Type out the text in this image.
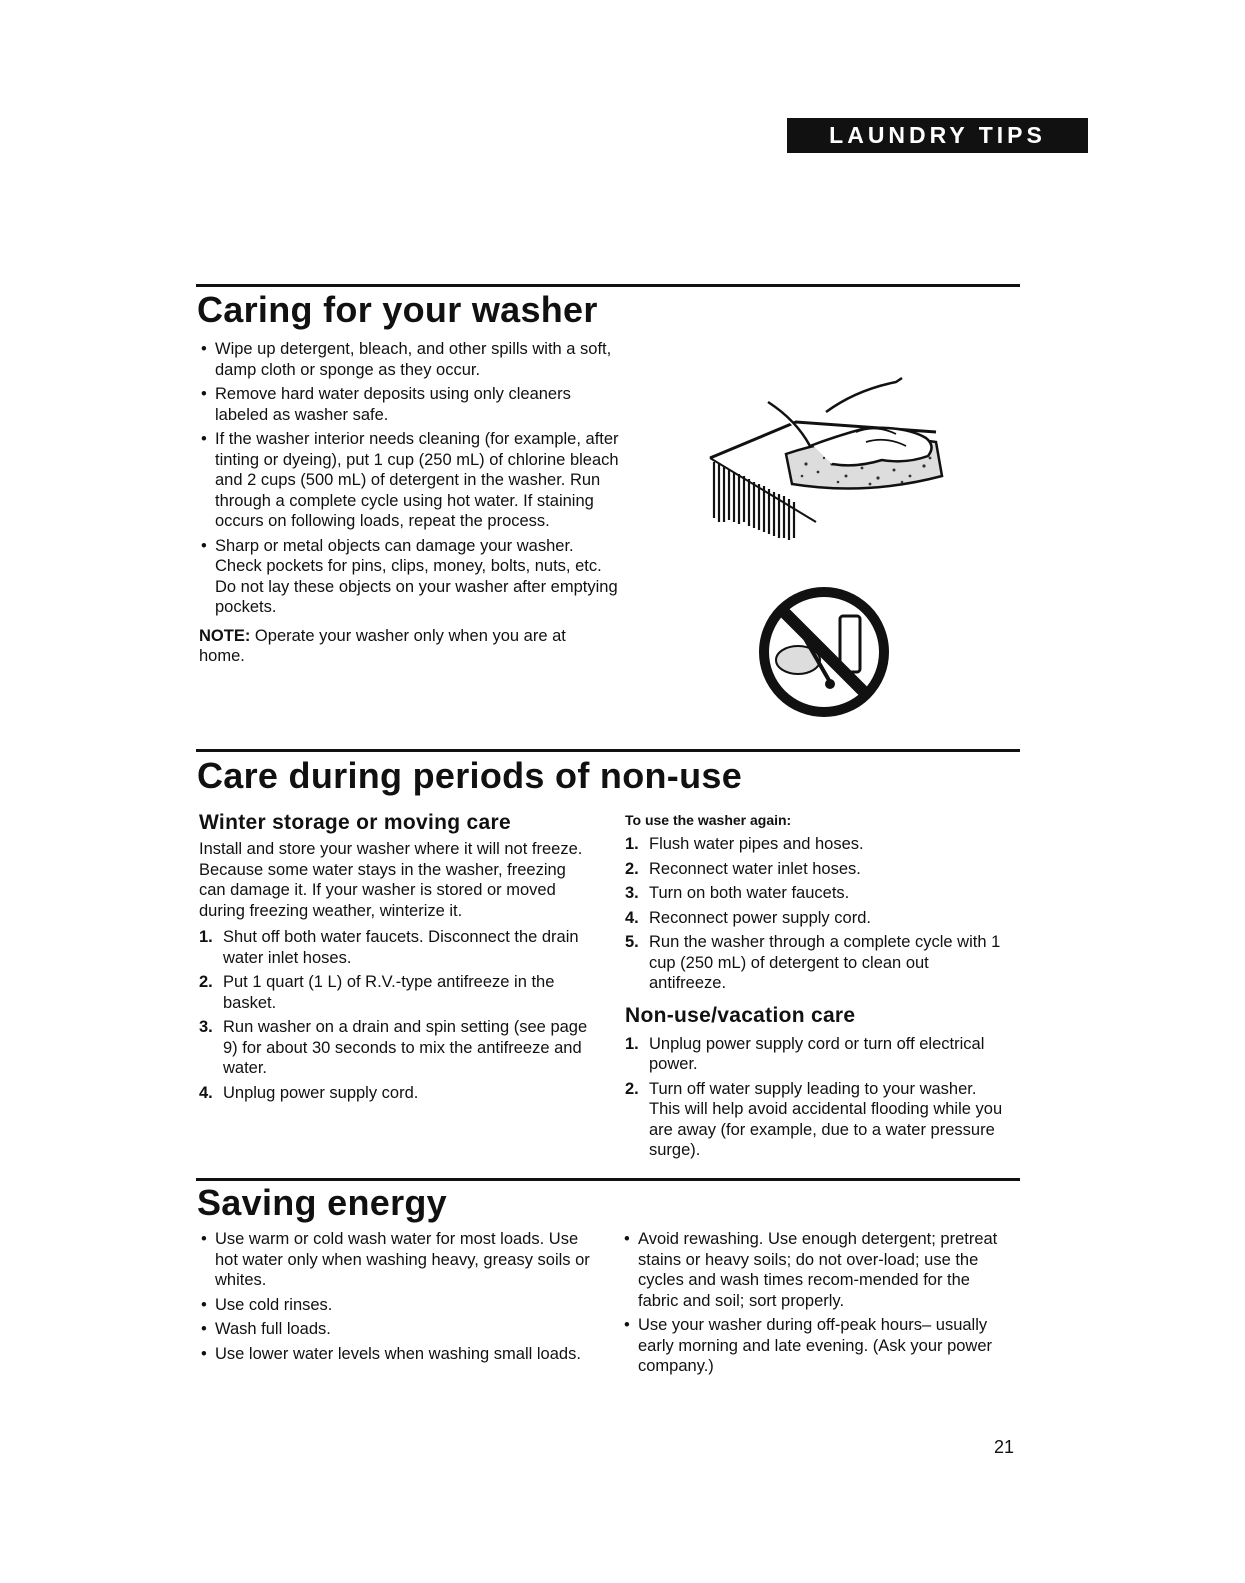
LAUNDRY TIPS
Caring for your washer
• Wipe up detergent, bleach, and other spills with a soft, damp cloth or sponge as they occur.
• Remove hard water deposits using only cleaners labeled as washer safe.
• If the washer interior needs cleaning (for example, after tinting or dyeing), put 1 cup (250 mL) of chlorine bleach and 2 cups (500 mL) of detergent in the washer. Run through a complete cycle using hot water. If staining occurs on following loads, repeat the process.
• Sharp or metal objects can damage your washer. Check pockets for pins, clips, money, bolts, nuts, etc. Do not lay these objects on your washer after emptying pockets.

NOTE: Operate your washer only when you are at home.

Care during periods of non-use
Winter storage or moving care

Install and store your washer where it will not freeze. Because some water stays in the washer, freezing can damage it. If your washer is stored or moved during freezing weather, winterize it.

1. Shut off both water faucets. Disconnect the drain water inlet hoses.
2. Put 1 quart (1 L) of R.V.-type antifreeze in the basket.
3. Run washer on a drain and spin setting (see page 9) for about 30 seconds to mix the antifreeze and water.
4. Unplug power supply cord.
To use the washer again:
1. Flush water pipes and hoses.
2. Reconnect water inlet hoses.
3. Turn on both water faucets.
4. Reconnect power supply cord.
5. Run the washer through a complete cycle with 1 cup (250 mL) of detergent to clean out antifreeze.
Non-use/vacation care
1. Unplug power supply cord or turn off electrical power.
2. Turn off water supply leading to your washer. This will help avoid accidental flooding while you are away (for example, due to a water pressure surge).
Saving energy
• Use warm or cold wash water for most loads. Use hot water only when washing heavy, greasy soils or whites.
• Use cold rinses.
• Wash full loads.
• Use lower water levels when washing small loads.
• Avoid rewashing. Use enough detergent; pretreat stains or heavy soils; do not over-load; use the cycles and wash times recom-mended for the fabric and soil; sort properly.
• Use your washer during off-peak hours– usually early morning and late evening. (Ask your power company.)
21
